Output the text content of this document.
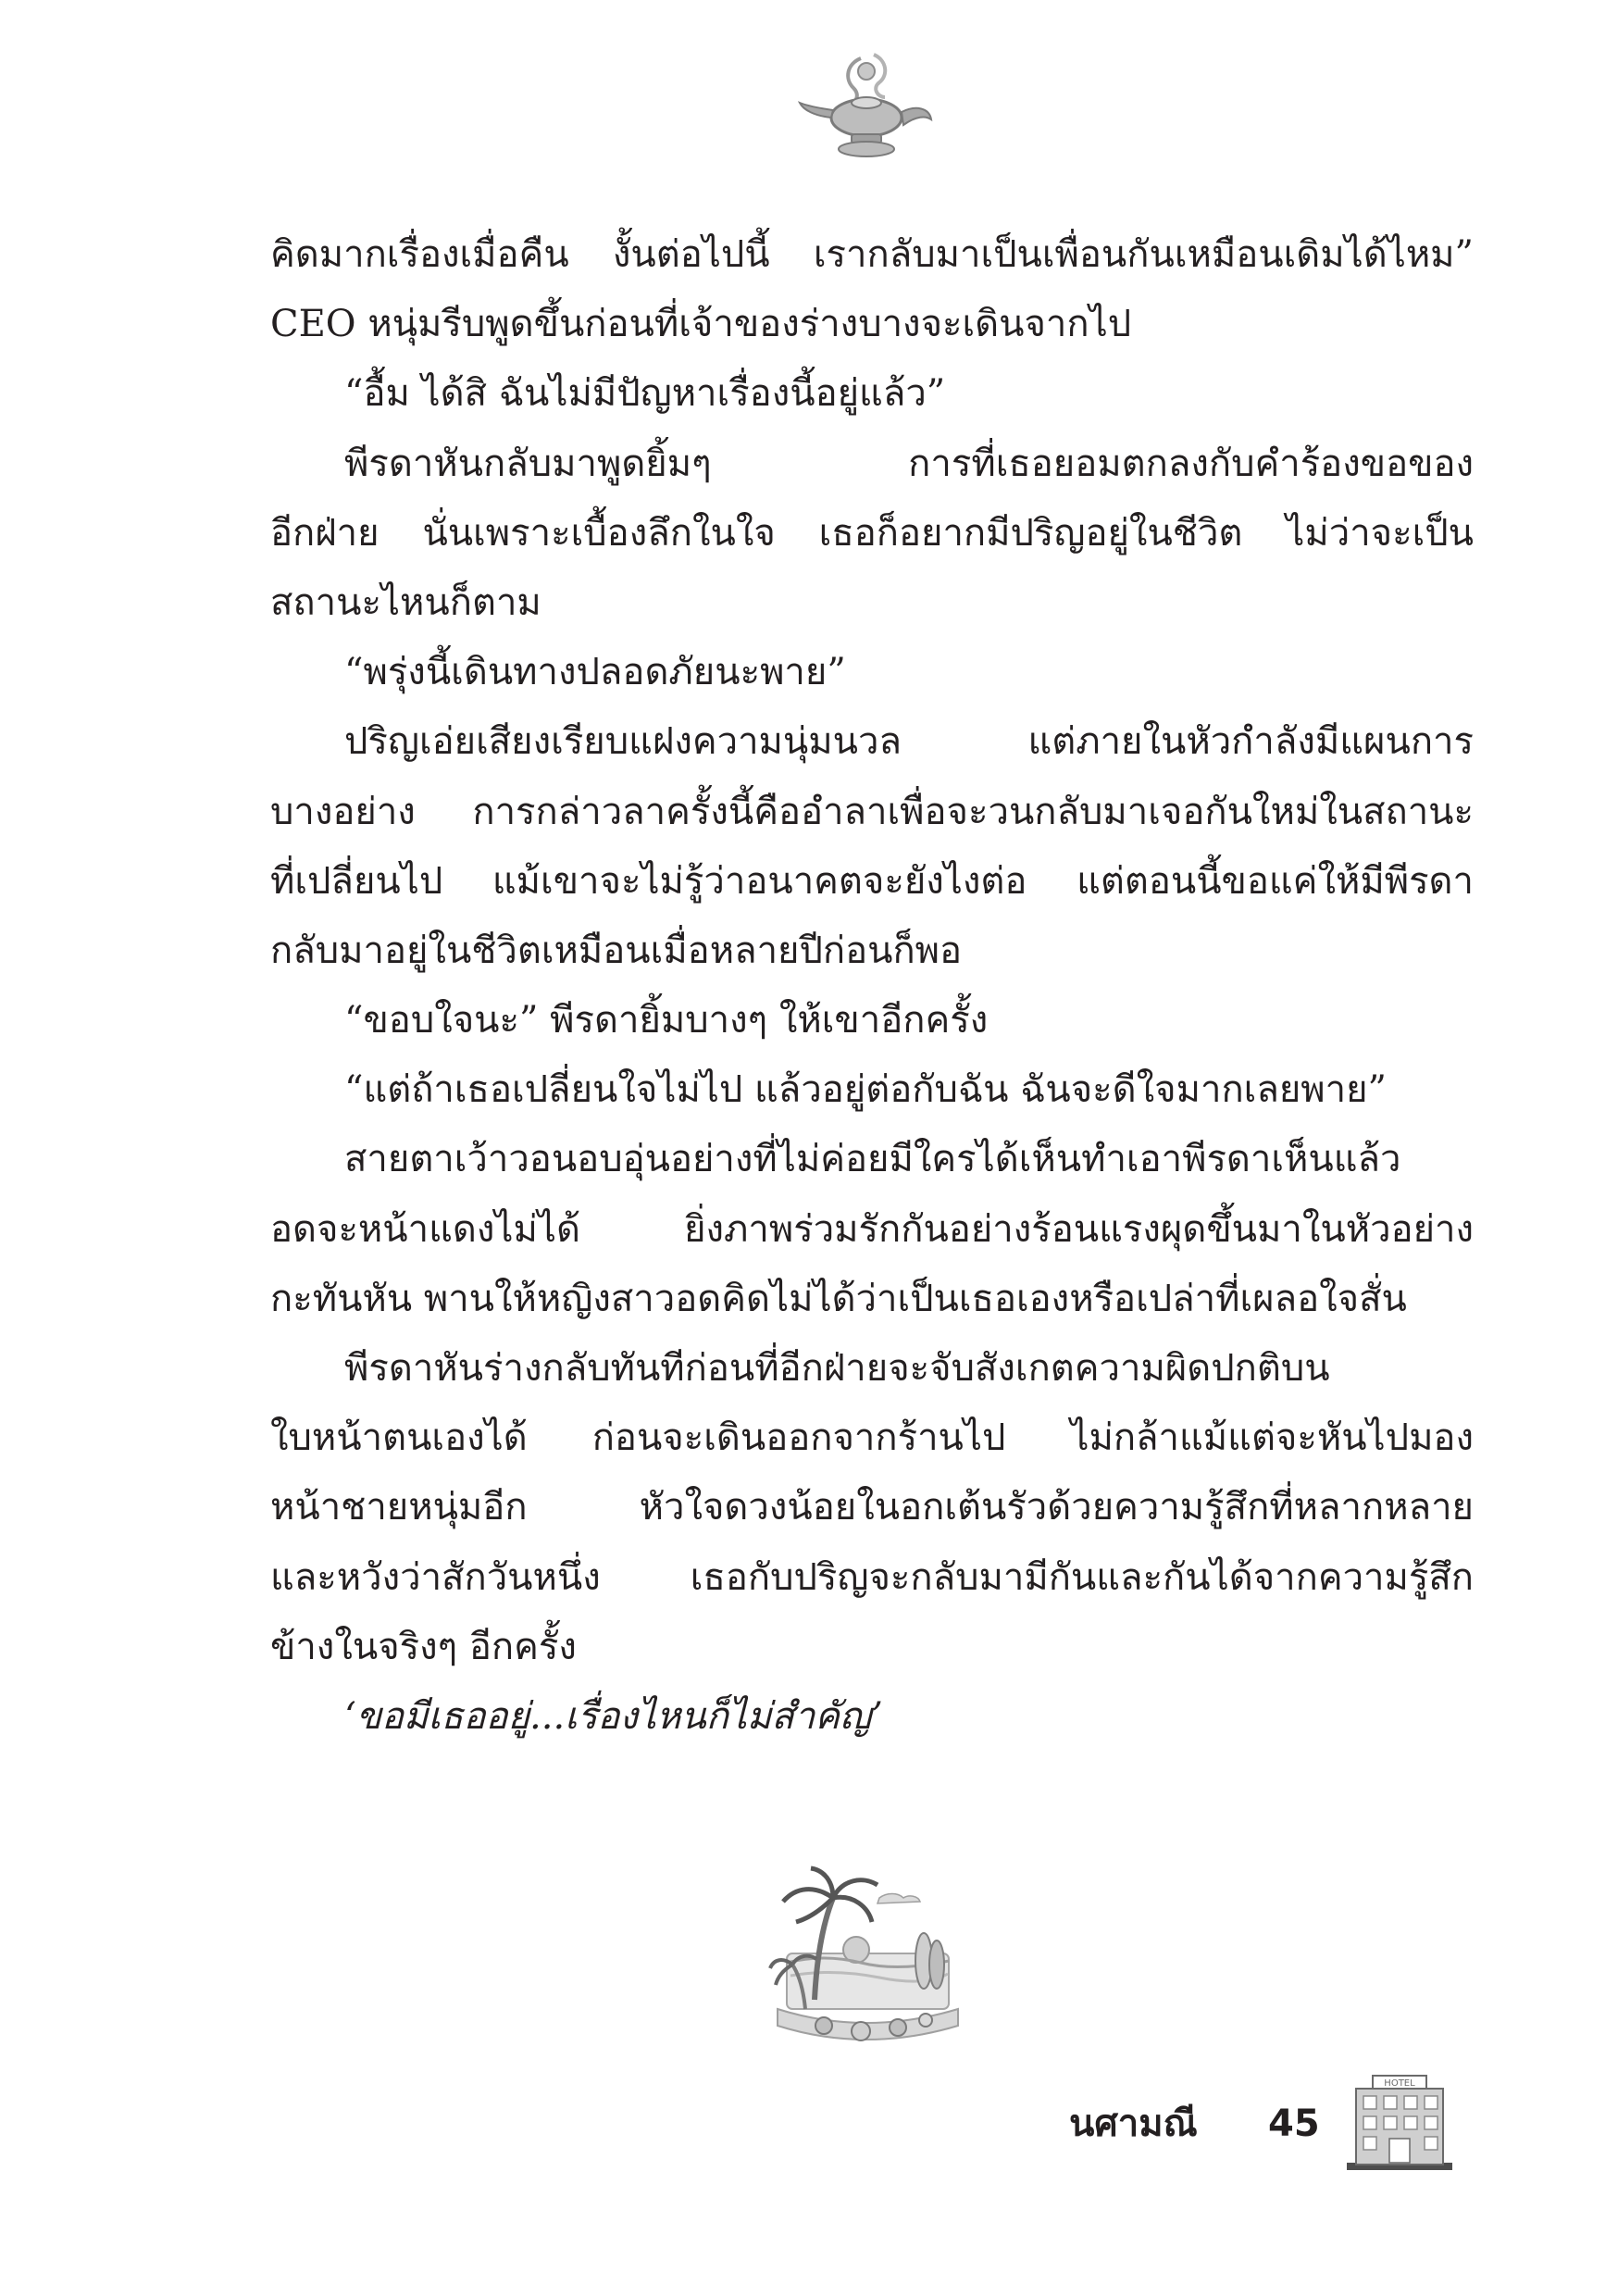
คิดมากเรื่องเมื่อคืน งั้นต่อไปนี้ เรากลับมาเป็นเพื่อนกันเหมือนเดิมได้ไหม”
CEO หนุ่มรีบพูดขึ้นก่อนที่เจ้าของร่างบางจะเดินจากไป
“อื้ม ได้สิ ฉันไม่มีปัญหาเรื่องนี้อยู่แล้ว”
พีรดาหันกลับมาพูดยิ้มๆ การที่เธอยอมตกลงกับคำร้องขอของ
อีกฝ่าย นั่นเพราะเบื้องลึกในใจ เธอก็อยากมีปริญอยู่ในชีวิต ไม่ว่าจะเป็น
สถานะไหนก็ตาม
“พรุ่งนี้เดินทางปลอดภัยนะพาย”
ปริญเอ่ยเสียงเรียบแฝงความนุ่มนวล แต่ภายในหัวกำลังมีแผนการ
บางอย่าง การกล่าวลาครั้งนี้คืออำลาเพื่อจะวนกลับมาเจอกันใหม่ในสถานะ
ที่เปลี่ยนไป แม้เขาจะไม่รู้ว่าอนาคตจะยังไงต่อ แต่ตอนนี้ขอแค่ให้มีพีรดา
กลับมาอยู่ในชีวิตเหมือนเมื่อหลายปีก่อนก็พอ
“ขอบใจนะ” พีรดายิ้มบางๆ ให้เขาอีกครั้ง
“แต่ถ้าเธอเปลี่ยนใจไม่ไป แล้วอยู่ต่อกับฉัน ฉันจะดีใจมากเลยพาย”
สายตาเว้าวอนอบอุ่นอย่างที่ไม่ค่อยมีใครได้เห็นทำเอาพีรดาเห็นแล้ว
อดจะหน้าแดงไม่ได้ ยิ่งภาพร่วมรักกันอย่างร้อนแรงผุดขึ้นมาในหัวอย่าง
กะทันหัน พานให้หญิงสาวอดคิดไม่ได้ว่าเป็นเธอเองหรือเปล่าที่เผลอใจสั่น
พีรดาหันร่างกลับทันทีก่อนที่อีกฝ่ายจะจับสังเกตความผิดปกติบน
ใบหน้าตนเองได้ ก่อนจะเดินออกจากร้านไป ไม่กล้าแม้แต่จะหันไปมอง
หน้าชายหนุ่มอีก หัวใจดวงน้อยในอกเต้นรัวด้วยความรู้สึกที่หลากหลาย
และหวังว่าสักวันหนึ่ง เธอกับปริญจะกลับมามีกันและกันได้จากความรู้สึก
ข้างในจริงๆ อีกครั้ง
‘ขอมีเธออยู่...เรื่องไหนก็ไม่สำคัญ’
นศามณี 45
HOTEL
